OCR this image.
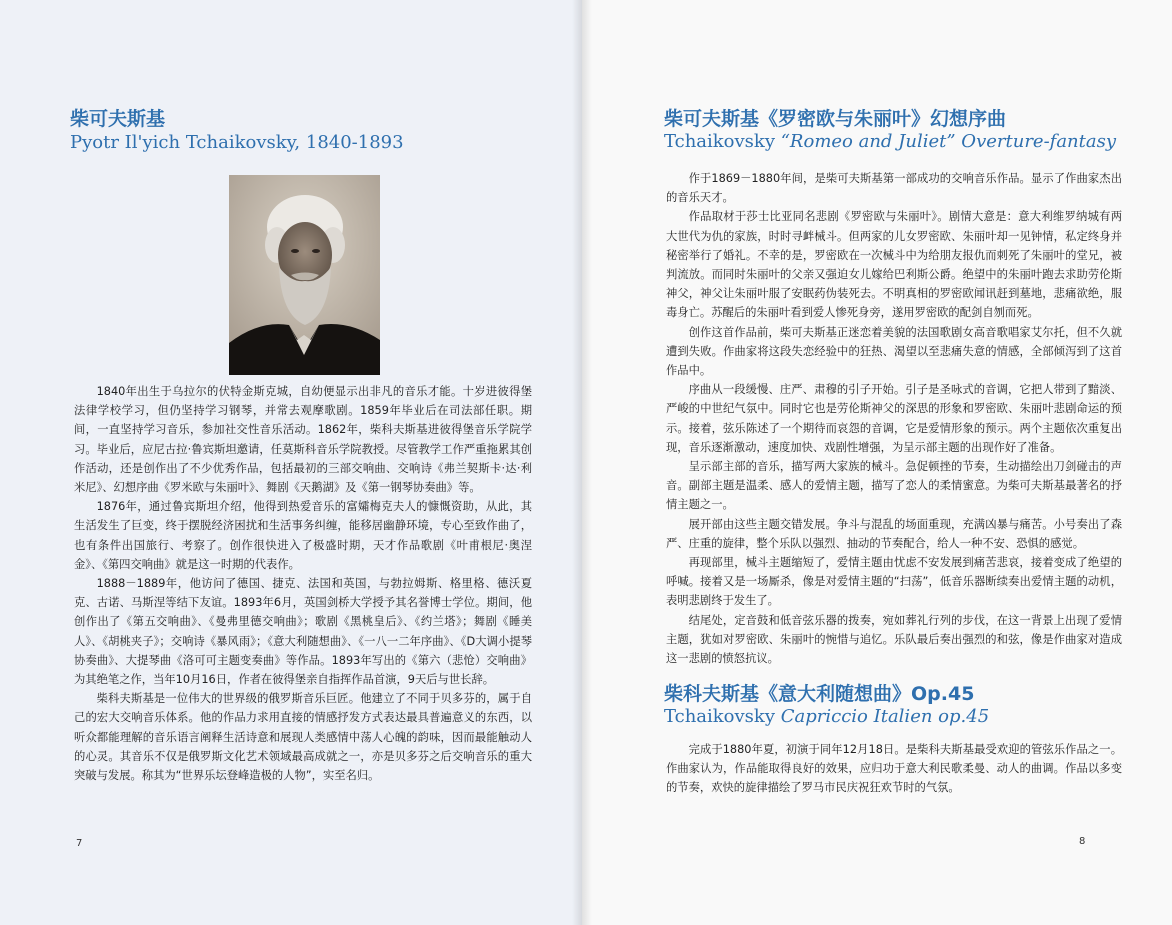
柴可夫斯基
Pyotr Il'yich Tchaikovsky, 1840-1893

1840年出生于乌拉尔的伏特金斯克城，自幼便显示出非凡的音乐才能。十岁进彼得堡法律学校学习，但仍坚持学习钢琴，并常去观摩歌剧。1859年毕业后在司法部任职。期间，一直坚持学习音乐，参加社交性音乐活动。1862年，柴科夫斯基进彼得堡音乐学院学习。毕业后，应尼古拉·鲁宾斯坦邀请，任莫斯科音乐学院教授。尽管教学工作严重拖累其创作活动，还是创作出了不少优秀作品，包括最初的三部交响曲、交响诗《弗兰契斯卡·达·利米尼》、幻想序曲《罗米欧与朱丽叶》、舞剧《天鹅湖》及《第一钢琴协奏曲》等。

1876年，通过鲁宾斯坦介绍，他得到热爱音乐的富孀梅克夫人的慷慨资助，从此，其生活发生了巨变，终于摆脱经济困扰和生活事务纠缠，能移居幽静环境，专心至致作曲了，也有条件出国旅行、考察了。创作很快进入了极盛时期，天才作品歌剧《叶甫根尼·奥涅金》、《第四交响曲》就是这一时期的代表作。

1888－1889年，他访问了德国、捷克、法国和英国，与勃拉姆斯、格里格、德沃夏克、古诺、马斯涅等结下友谊。1893年6月，英国剑桥大学授予其名誉博士学位。期间，他创作出了《第五交响曲》、《曼弗里德交响曲》；歌剧《黑桃皇后》、《约兰塔》；舞剧《睡美人》、《胡桃夹子》；交响诗《暴风雨》；《意大利随想曲》、《一八一二年序曲》、《D大调小提琴协奏曲》、大提琴曲《洛可可主题变奏曲》等作品。1893年写出的《第六（悲怆）交响曲》为其绝笔之作，当年10月16日，作者在彼得堡亲自指挥作品首演，9天后与世长辞。

柴科夫斯基是一位伟大的世界级的俄罗斯音乐巨匠。他建立了不同于贝多芬的，属于自己的宏大交响音乐体系。他的作品力求用直接的情感抒发方式表达最具普遍意义的东西，以听众都能理解的音乐语言阐释生活诗意和展现人类感情中荡人心魄的韵味，因而最能触动人的心灵。其音乐不仅是俄罗斯文化艺术领域最高成就之一，亦是贝多芬之后交响音乐的重大突破与发展。称其为“世界乐坛登峰造极的人物”，实至名归。

7
柴可夫斯基《罗密欧与朱丽叶》幻想序曲
Tchaikovsky “Romeo and Juliet” Overture-fantasy

作于1869－1880年间，是柴可夫斯基第一部成功的交响音乐作品。显示了作曲家杰出的音乐天才。

作品取材于莎士比亚同名悲剧《罗密欧与朱丽叶》。剧情大意是：意大利维罗纳城有两大世代为仇的家族，时时寻衅械斗。但两家的儿女罗密欧、朱丽叶却一见钟情，私定终身并秘密举行了婚礼。不幸的是，罗密欧在一次械斗中为给朋友报仇而刺死了朱丽叶的堂兄，被判流放。而同时朱丽叶的父亲又强迫女儿嫁给巴利斯公爵。绝望中的朱丽叶跑去求助劳伦斯神父，神父让朱丽叶服了安眠药伪装死去。不明真相的罗密欧闻讯赶到墓地，悲痛欲绝，服毒身亡。苏醒后的朱丽叶看到爱人惨死身旁，遂用罗密欧的配剑自刎而死。

创作这首作品前，柴可夫斯基正迷恋着美貌的法国歌剧女高音歌唱家艾尔托，但不久就遭到失败。作曲家将这段失恋经验中的狂热、渴望以至悲痛失意的情感，全部倾泻到了这首作品中。

序曲从一段缓慢、庄严、肃穆的引子开始。引子是圣咏式的音调，它把人带到了黯淡、严峻的中世纪气氛中。同时它也是劳伦斯神父的深思的形象和罗密欧、朱丽叶悲剧命运的预示。接着，弦乐陈述了一个期待而哀怨的音调，它是爱情形象的预示。两个主题依次重复出现，音乐逐渐激动，速度加快、戏剧性增强，为呈示部主题的出现作好了准备。

呈示部主部的音乐，描写两大家族的械斗。急促顿挫的节奏，生动描绘出刀剑碰击的声音。副部主题是温柔、感人的爱情主题，描写了恋人的柔情蜜意。为柴可夫斯基最著名的抒情主题之一。

展开部由这些主题交错发展。争斗与混乱的场面重现，充满凶暴与痛苦。小号奏出了森严、庄重的旋律，整个乐队以强烈、抽动的节奏配合，给人一种不安、恐惧的感觉。

再现部里，械斗主题缩短了，爱情主题由忧虑不安发展到痛苦悲哀，接着变成了绝望的呼喊。接着又是一场厮杀，像是对爱情主题的“扫荡”，低音乐器断续奏出爱情主题的动机，表明悲剧终于发生了。

结尾处，定音鼓和低音弦乐器的拨奏，宛如葬礼行列的步伐，在这一背景上出现了爱情主题，犹如对罗密欧、朱丽叶的惋惜与追忆。乐队最后奏出强烈的和弦，像是作曲家对造成这一悲剧的愤怒抗议。

柴科夫斯基《意大利随想曲》Op.45
Tchaikovsky Capriccio Italien op.45

完成于1880年夏，初演于同年12月18日。是柴科夫斯基最受欢迎的管弦乐作品之一。作曲家认为，作品能取得良好的效果，应归功于意大利民歌柔曼、动人的曲调。作品以多变的节奏，欢快的旋律描绘了罗马市民庆祝狂欢节时的气氛。

8
